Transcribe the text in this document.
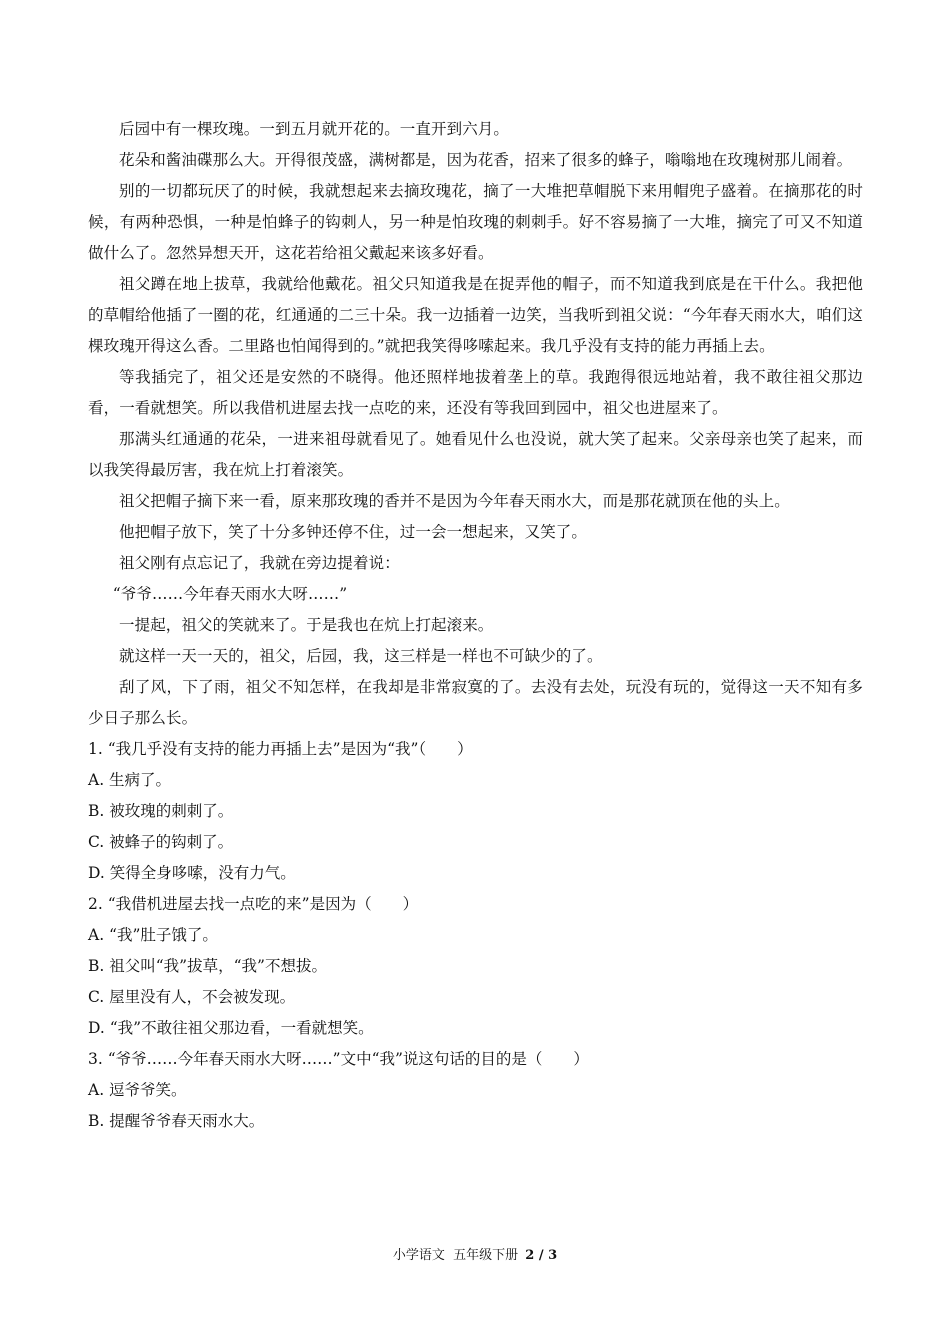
后园中有一棵玫瑰。一到五月就开花的。一直开到六月。

花朵和酱油碟那么大。开得很茂盛，满树都是，因为花香，招来了很多的蜂子，嗡嗡地在玫瑰树那儿闹着。

别的一切都玩厌了的时候，我就想起来去摘玫瑰花，摘了一大堆把草帽脱下来用帽兜子盛着。在摘那花的时候，有两种恐惧，一种是怕蜂子的钩刺人，另一种是怕玫瑰的刺刺手。好不容易摘了一大堆，摘完了可又不知道做什么了。忽然异想天开，这花若给祖父戴起来该多好看。

祖父蹲在地上拔草，我就给他戴花。祖父只知道我是在捉弄他的帽子，而不知道我到底是在干什么。我把他的草帽给他插了一圈的花，红通通的二三十朵。我一边插着一边笑，当我听到祖父说：“今年春天雨水大，咱们这棵玫瑰开得这么香。二里路也怕闻得到的。”就把我笑得哆嗦起来。我几乎没有支持的能力再插上去。

等我插完了，祖父还是安然的不晓得。他还照样地拔着垄上的草。我跑得很远地站着，我不敢往祖父那边看，一看就想笑。所以我借机进屋去找一点吃的来，还没有等我回到园中，祖父也进屋来了。

那满头红通通的花朵，一进来祖母就看见了。她看见什么也没说，就大笑了起来。父亲母亲也笑了起来，而以我笑得最厉害，我在炕上打着滚笑。

祖父把帽子摘下来一看，原来那玫瑰的香并不是因为今年春天雨水大，而是那花就顶在他的头上。

他把帽子放下，笑了十分多钟还停不住，过一会一想起来，又笑了。

祖父刚有点忘记了，我就在旁边提着说：

“爷爷……今年春天雨水大呀……”

一提起，祖父的笑就来了。于是我也在炕上打起滚来。

就这样一天一天的，祖父，后园，我，这三样是一样也不可缺少的了。

刮了风，下了雨，祖父不知怎样，在我却是非常寂寞的了。去没有去处，玩没有玩的，觉得这一天不知有多少日子那么长。

1. “我几乎没有支持的能力再插上去”是因为“我”（　　）

A. 生病了。

B. 被玫瑰的刺刺了。

C. 被蜂子的钩刺了。

D. 笑得全身哆嗦，没有力气。

2. “我借机进屋去找一点吃的来”是因为（　　）

A. “我”肚子饿了。

B. 祖父叫“我”拔草，“我”不想拔。

C. 屋里没有人，不会被发现。

D. “我”不敢往祖父那边看，一看就想笑。

3. “爷爷……今年春天雨水大呀……”文中“我”说这句话的目的是（　　）

A. 逗爷爷笑。

B. 提醒爷爷春天雨水大。

小学语文  五年级下册 2 / 3
